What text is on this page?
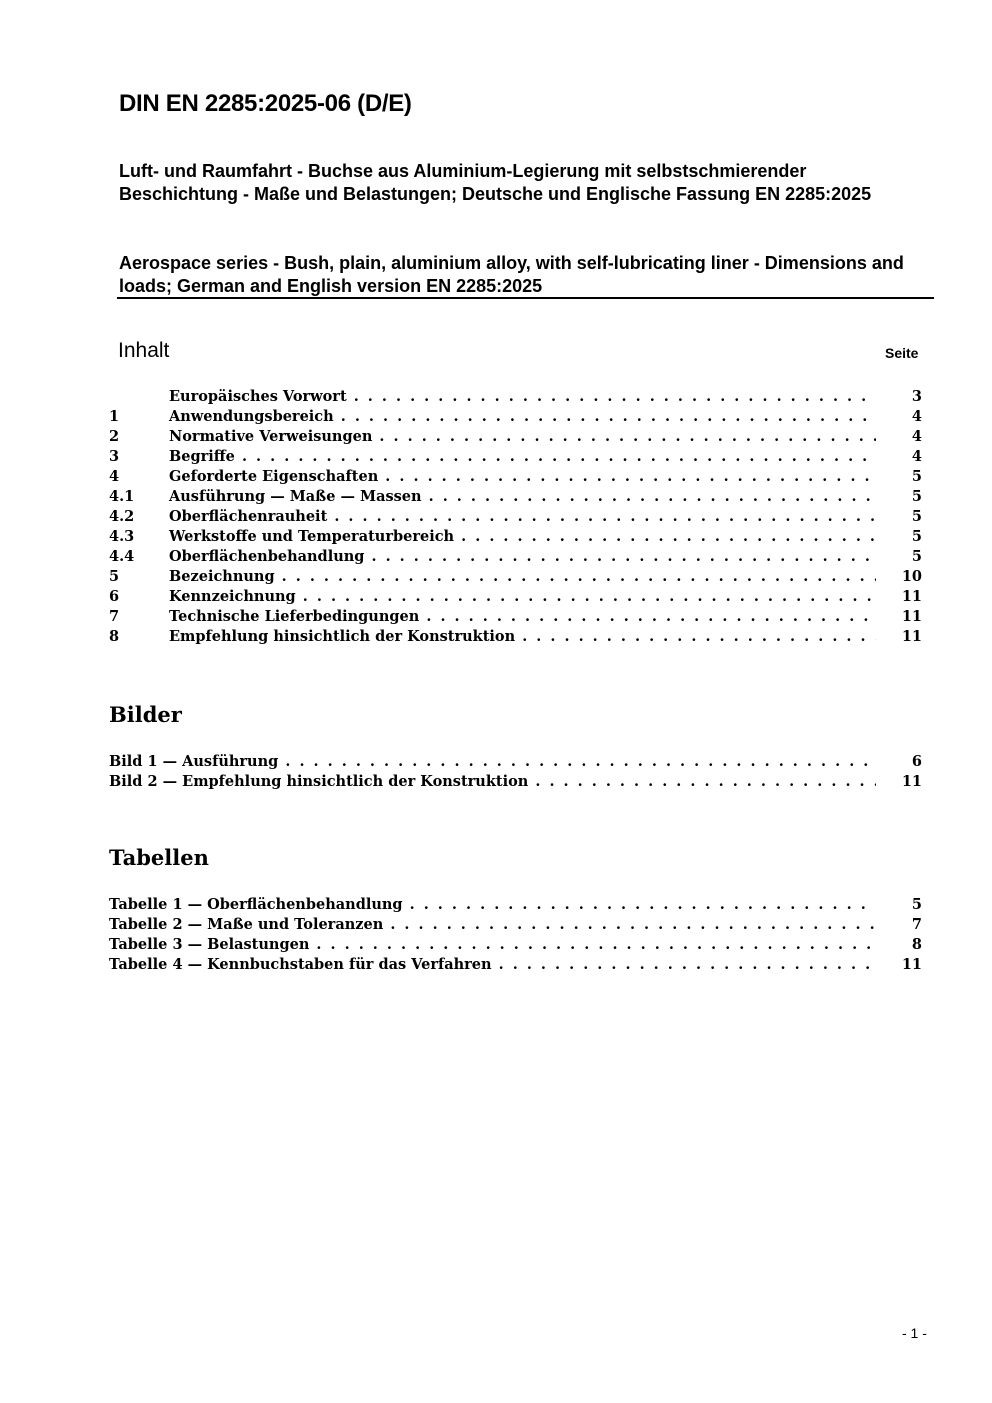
DIN EN 2285:2025-06 (D/E)
Luft- und Raumfahrt - Buchse aus Aluminium-Legierung mit selbstschmierender Beschichtung - Maße und Belastungen; Deutsche und Englische Fassung EN 2285:2025
Aerospace series - Bush, plain, aluminium alloy, with self-lubricating liner - Dimensions and loads; German and English version EN 2285:2025
Inhalt	Seite
Europäisches Vorwort . . .	3
1	Anwendungsbereich . . .	4
2	Normative Verweisungen . . .	4
3	Begriffe . . .	4
4	Geforderte Eigenschaften . . .	5
4.1 Ausführung — Maße — Massen . . .	5
4.2 Oberflächenrauheit . . .	5
4.3 Werkstoffe und Temperaturbereich . . .	5
4.4 Oberflächenbehandlung . . .	5
5	Bezeichnung . . .	10
6	Kennzeichnung . . .	11
7	Technische Lieferbedingungen . . .	11
8	Empfehlung hinsichtlich der Konstruktion . . .	11
Bilder
Bild 1 — Ausführung . . .	6
Bild 2 — Empfehlung hinsichtlich der Konstruktion . . .	11
Tabellen
Tabelle 1 — Oberflächenbehandlung . . .	5
Tabelle 2 — Maße und Toleranzen . . .	7
Tabelle 3 — Belastungen . . .	8
Tabelle 4 — Kennbuchstaben für das Verfahren . . .	11
- 1 -
